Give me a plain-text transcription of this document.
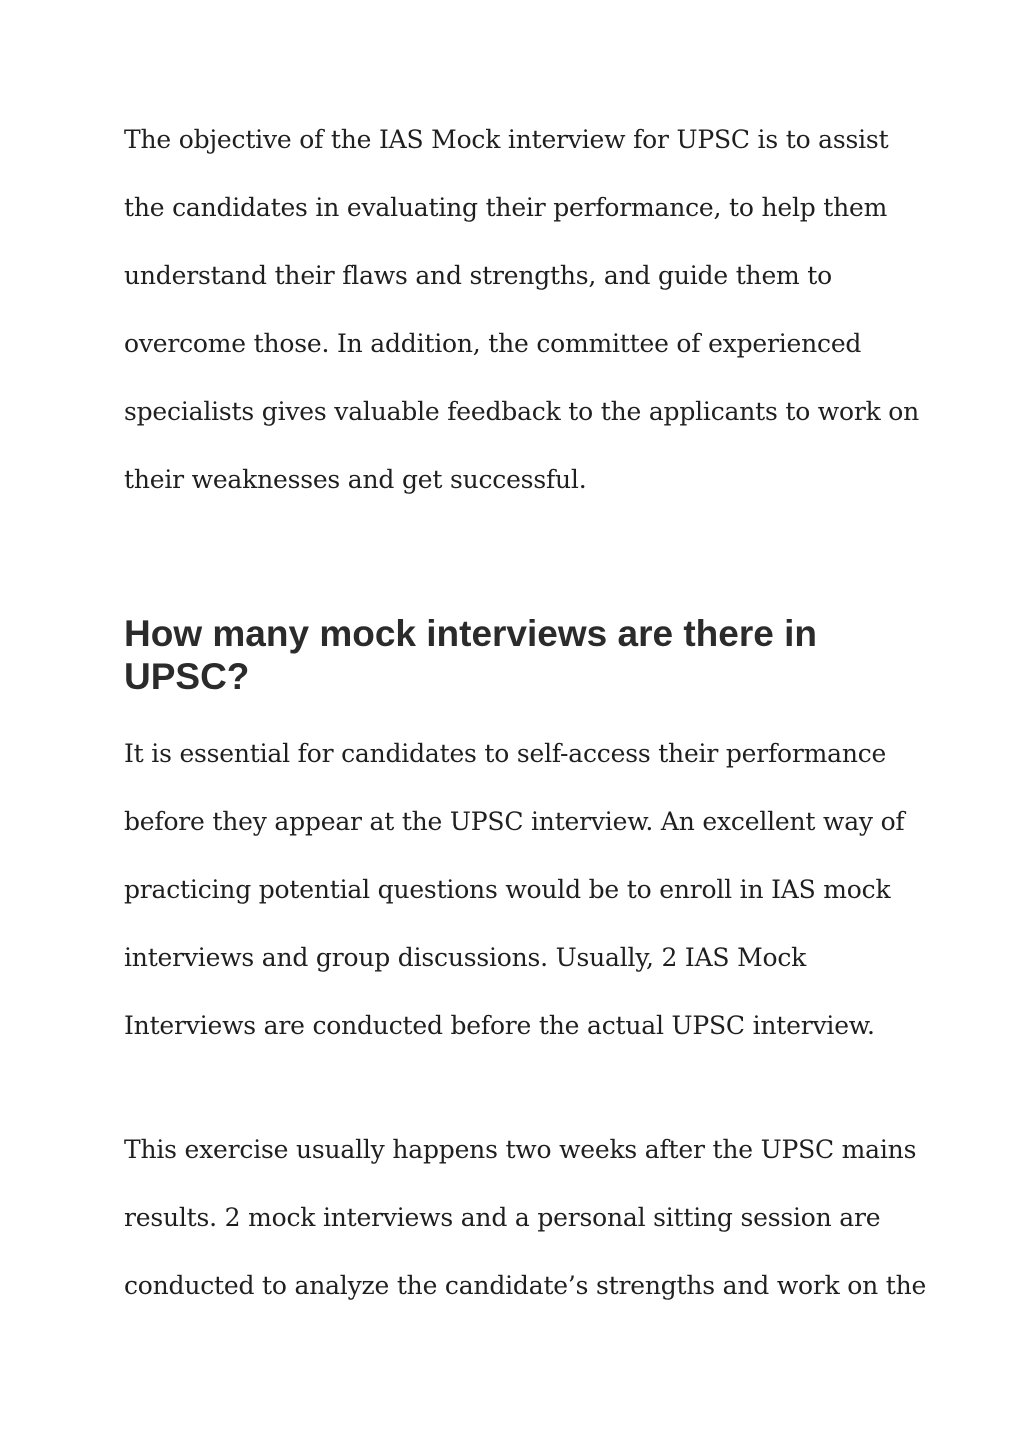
The objective of the IAS Mock interview for UPSC is to assist
the candidates in evaluating their performance, to help them
understand their flaws and strengths, and guide them to
overcome those. In addition, the committee of experienced
specialists gives valuable feedback to the applicants to work on
their weaknesses and get successful.

How many mock interviews are there in
UPSC?

It is essential for candidates to self-access their performance
before they appear at the UPSC interview. An excellent way of
practicing potential questions would be to enroll in IAS mock
interviews and group discussions. Usually, 2 IAS Mock
Interviews are conducted before the actual UPSC interview.

This exercise usually happens two weeks after the UPSC mains
results. 2 mock interviews and a personal sitting session are
conducted to analyze the candidate’s strengths and work on the
